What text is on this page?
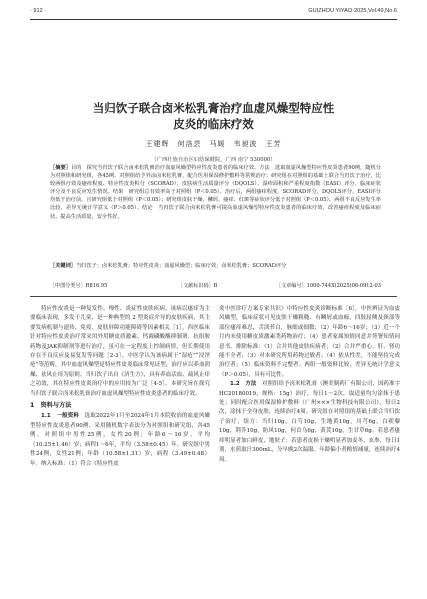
· 912 ·	GUIZHOU YIYAO·2025,Vol.49,No.6
当归饮子联合卤米松乳膏治疗血虚风燥型特应性
皮炎的临床疗效
王建辉　何洛芸　马媛　韦昶波　王芳
（广西壮族自治区妇幼保健院，广西 南宁 530000）
［摘要］目的　探究当归饮子联合卤米松乳膏治疗血虚风燥型特应性皮炎患者的临床疗效。方法　选取血虚风燥型特应性皮炎患者90例，随机分为对照组和研究组，各45例。对照组给予外涂卤米松乳膏，配合医用保湿修护敷料等常规治疗；研究组在对照组的基础上联合当归饮子治疗，比较两组疗效及瘙痒程度、特应性皮炎积分（SCORAD）、皮肤病生活质量评分（DQOLS）、湿疹面积和严重程度指数（EASI）评分、临床症状评分及不良反应发生情况。结果　研究组总有效率高于对照组（P＜0.05）。治疗后，两组瘙痒程度、SCORAD评分、DQOLS评分、EASI评分均低于治疗前，且研究组低于对照组（P＜0.05）；研究组皮肤干燥、鳞屑、瘙痒、红斑等症状评分低于对照组（P＜0.05）。两组不良反应发生率比较，差异无统计学意义（P＞0.05）。结论　当归饮子联合卤米松乳膏可提高血虚风燥型特应性皮炎患者的临床疗效，改善瘙痒程度及临床症状，提高生活质量，安全性好。
［关键词］当归饮子；卤米松乳膏；特应性皮炎；血虚风燥型；临床疗效；卤米松乳膏；SCORAD评分
［中图分类号］R816.95	［文献标识码］B	［文章编号］1000-744X(2025)06-0912-03

特应性皮炎是一种复发性、慢性、炎症性皮肤疾病，该病以瘙痒为主要临床表现，多发于儿童，是一种典型的 2 型炎症介导的皮肤疾病，其主要发病机制与遗传、免疫、皮肤屏障功能障碍等因素相关［1］。西医临床针对特应性皮炎治疗常采用外用糖皮质激素、钙调磷酸酶抑制剂、抗组胺药物及JAK抑制剂等进行治疗，虽可在一定程度上控制病情，但长期使用存在不良反应及易复发等问题［2-3］。中医学认为该病属于“湿疮”“浸淫疮”等范畴，其中血虚风燥型是特应性皮炎临床常见证型，治疗应以养血润燥、祛风止痒为原则。当归饮子出自《济生方》，具有养血活血、疏风止痒之功效，其在特应性皮炎治疗中的应用较为广泛［4-5］。本研究旨在探究当归饮子联合卤米松乳膏治疗血虚风燥型特应性皮炎患者的临床疗效。

1　资料与方法

1.1　一般资料　 选取2022年1月至2024年1月本院收治的血虚风燥型特应性皮炎患者90例，采用随机数字表法分为对照组和研究组，各45例。对照组中男性25例，女性20例；年龄6～16岁，平均（10.25±1.46）岁；病程1～6年，平均（3.58±0.45）年。研究组中男性24例，女性21例；年龄（10.58±1.31）岁，病程（3.49±0.48）年。纳入标准：（1）符合《特应性皮

炎中医诊疗方案专家共识》中特应性皮炎诊断标准［6］，中医辨证为血虚风燥型，临床症状可见皮肤干燥粗糙、有鳞屑或血痂，四肢屈侧及颈部等部位瘙痒难忍，舌淡苔白，脉细或细数；（2）年龄6～16岁；（3）近一个月内未使用糖皮质激素类药物治疗；（4）患者家属知情同意并签署知情同意书。排除标准：（1）合并其他皮肤疾病者；（2）合并严重心、肝、肾功能不全者；（3）对本研究所用药物过敏者；（4）依从性差，不能坚持完成治疗者；（5）临床资料不完整者。两组一般资料比较，差异无统计学意义（P＞0.05），具有可比性。

1.2　方法　 对照组给予卤米松乳膏（澳美制药厂有限公司，国药准字HC20180019，规格：15g）治疗，每日1～2次，取适量均匀涂抹于患处；同时配合医用保湿修护敷料（广州×××生物科技有限公司），每日2次，涂抹于全身皮肤，连续治疗4周。研究组在对照组的基础上联合当归饮子治疗，组方：当归10g，白芍10g，生地黄10g，川芎6g，白蒺藜10g，荆芥10g，防风10g，何首乌6g，黄芪10g，生甘草6g。若患者瘙痒明显者加白鲜皮、地肤子；若患者皮损干燥明显者加麦冬、玄参，每日1剂，水煎取汁300mL，分早晚2次温服。年龄偏小者酌情减量，连续治疗4周。
